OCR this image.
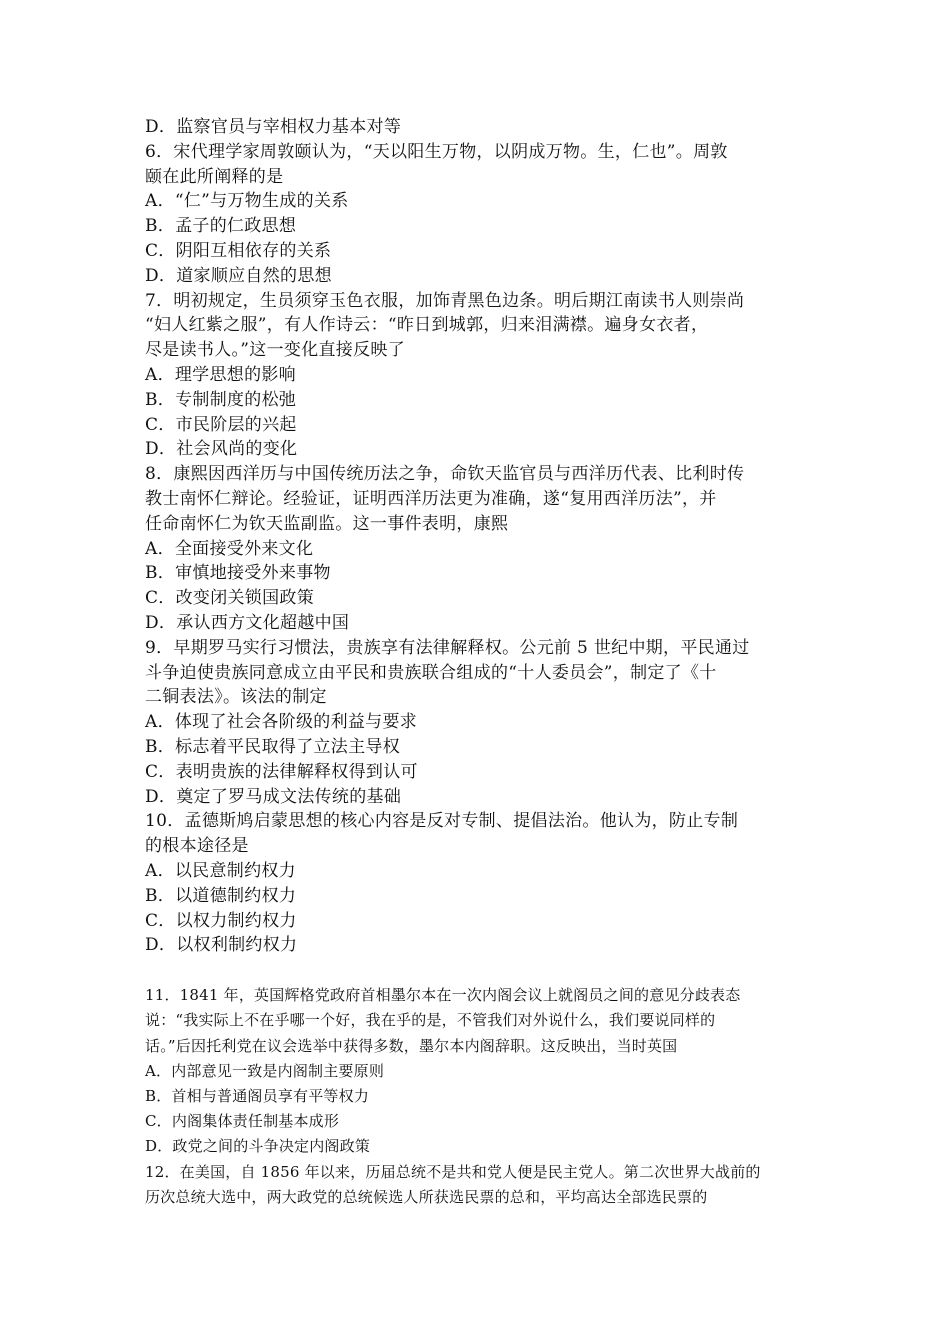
D．监察官员与宰相权力基本对等
6．宋代理学家周敦颐认为，“天以阳生万物，以阴成万物。生，仁也”。周敦
颐在此所阐释的是
A．“仁”与万物生成的关系
B．孟子的仁政思想
C．阴阳互相依存的关系
D．道家顺应自然的思想
7．明初规定，生员须穿玉色衣服，加饰青黑色边条。明后期江南读书人则崇尚
“妇人红紫之服”，有人作诗云：“昨日到城郭，归来泪满襟。遍身女衣者，
尽是读书人。”这一变化直接反映了
A．理学思想的影响
B．专制制度的松弛
C．市民阶层的兴起
D．社会风尚的变化
8．康熙因西洋历与中国传统历法之争，命钦天监官员与西洋历代表、比利时传
教士南怀仁辩论。经验证，证明西洋历法更为准确，遂“复用西洋历法”，并
任命南怀仁为钦天监副监。这一事件表明，康熙
A．全面接受外来文化
B．审慎地接受外来事物
C．改变闭关锁国政策
D．承认西方文化超越中国
9．早期罗马实行习惯法，贵族享有法律解释权。公元前 5 世纪中期，平民通过
斗争迫使贵族同意成立由平民和贵族联合组成的“十人委员会”，制定了《十
二铜表法》。该法的制定
A．体现了社会各阶级的利益与要求
B．标志着平民取得了立法主导权
C．表明贵族的法律解释权得到认可
D．奠定了罗马成文法传统的基础
10．孟德斯鸠启蒙思想的核心内容是反对专制、提倡法治。他认为，防止专制
的根本途径是
A．以民意制约权力
B．以道德制约权力
C．以权力制约权力
D．以权利制约权力
11．1841 年，英国辉格党政府首相墨尔本在一次内阁会议上就阁员之间的意见分歧表态
说：“我实际上不在乎哪一个好，我在乎的是，不管我们对外说什么，我们要说同样的
话。”后因托利党在议会选举中获得多数，墨尔本内阁辞职。这反映出，当时英国
A．内部意见一致是内阁制主要原则
B．首相与普通阁员享有平等权力
C．内阁集体责任制基本成形
D．政党之间的斗争决定内阁政策
12．在美国，自 1856 年以来，历届总统不是共和党人便是民主党人。第二次世界大战前的
历次总统大选中，两大政党的总统候选人所获选民票的总和，平均高达全部选民票的
